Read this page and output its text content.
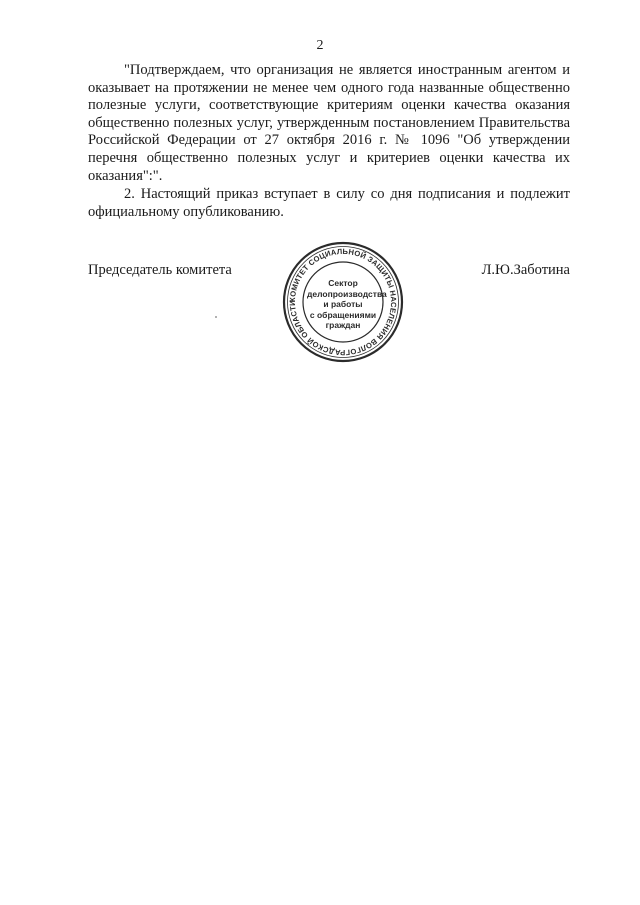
2

"Подтверждаем, что организация не является иностранным агентом и оказывает на протяжении не менее чем одного года названные общественно полезные услуги, соответствующие критериям оценки качества оказания общественно полезных услуг, утвержденным постановлением Правительства Российской Федерации от 27 октября 2016 г. № 1096 "Об утверждении перечня общественно полезных услуг и критериев оценки качества их оказания":".

2. Настоящий приказ вступает в силу со дня подписания и подлежит официальному опубликованию.

Председатель комитета	Л.Ю.Заботина
КОМИТЕТ СОЦИАЛЬНОЙ ЗАЩИТЫ НАСЕЛЕНИЯ ВОЛГОГРАДСКОЙ ОБЛАСТИ
Сектор
делопроизводства
и работы
с обращениями
граждан
